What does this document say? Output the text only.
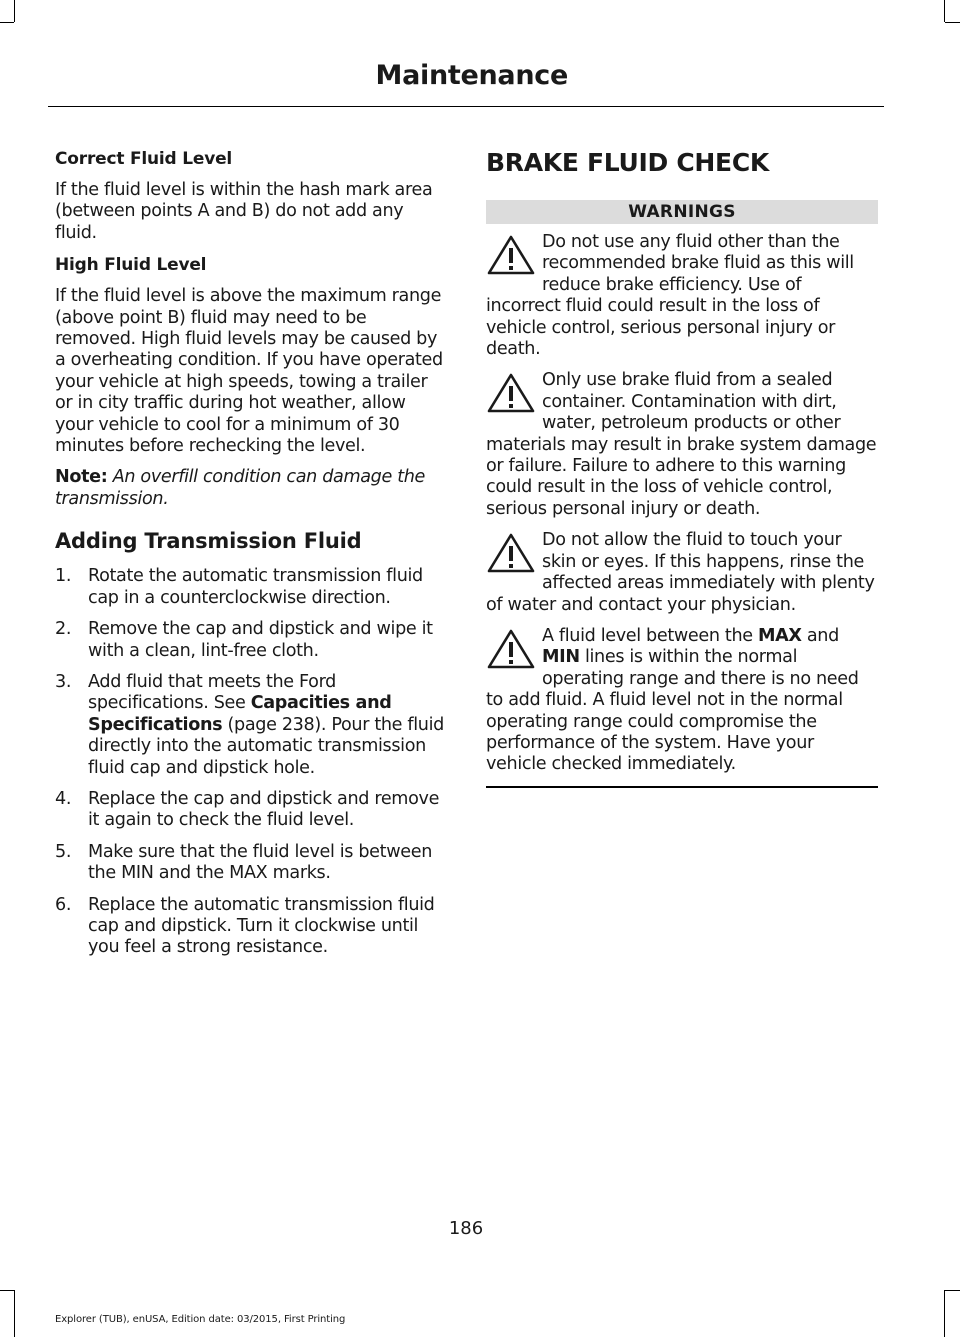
Maintenance
Correct Fluid Level

If the fluid level is within the hash mark area (between points A and B) do not add any fluid.

High Fluid Level

If the fluid level is above the maximum range (above point B) fluid may need to be removed. High fluid levels may be caused by a overheating condition. If you have operated your vehicle at high speeds, towing a trailer or in city traffic during hot weather, allow your vehicle to cool for a minimum of 30 minutes before rechecking the level.

Note: An overfill condition can damage the transmission.

Adding Transmission Fluid
1. Rotate the automatic transmission fluid cap in a counterclockwise direction.
2. Remove the cap and dipstick and wipe it with a clean, lint-free cloth.
3. Add fluid that meets the Ford specifications. See Capacities and Specifications (page 238). Pour the fluid directly into the automatic transmission fluid cap and dipstick hole.
4. Replace the cap and dipstick and remove it again to check the fluid level.
5. Make sure that the fluid level is between the MIN and the MAX marks.
6. Replace the automatic transmission fluid cap and dipstick. Turn it clockwise until you feel a strong resistance.
BRAKE FLUID CHECK
WARNINGS
Do not use any fluid other than the recommended brake fluid as this will reduce brake efficiency. Use of incorrect fluid could result in the loss of vehicle control, serious personal injury or death.
Only use brake fluid from a sealed container. Contamination with dirt, water, petroleum products or other materials may result in brake system damage or failure. Failure to adhere to this warning could result in the loss of vehicle control, serious personal injury or death.
Do not allow the fluid to touch your skin or eyes. If this happens, rinse the affected areas immediately with plenty of water and contact your physician.
A fluid level between the MAX and MIN lines is within the normal operating range and there is no need to add fluid. A fluid level not in the normal operating range could compromise the performance of the system. Have your vehicle checked immediately.
186
Explorer (TUB), enUSA, Edition date: 03/2015, First Printing
